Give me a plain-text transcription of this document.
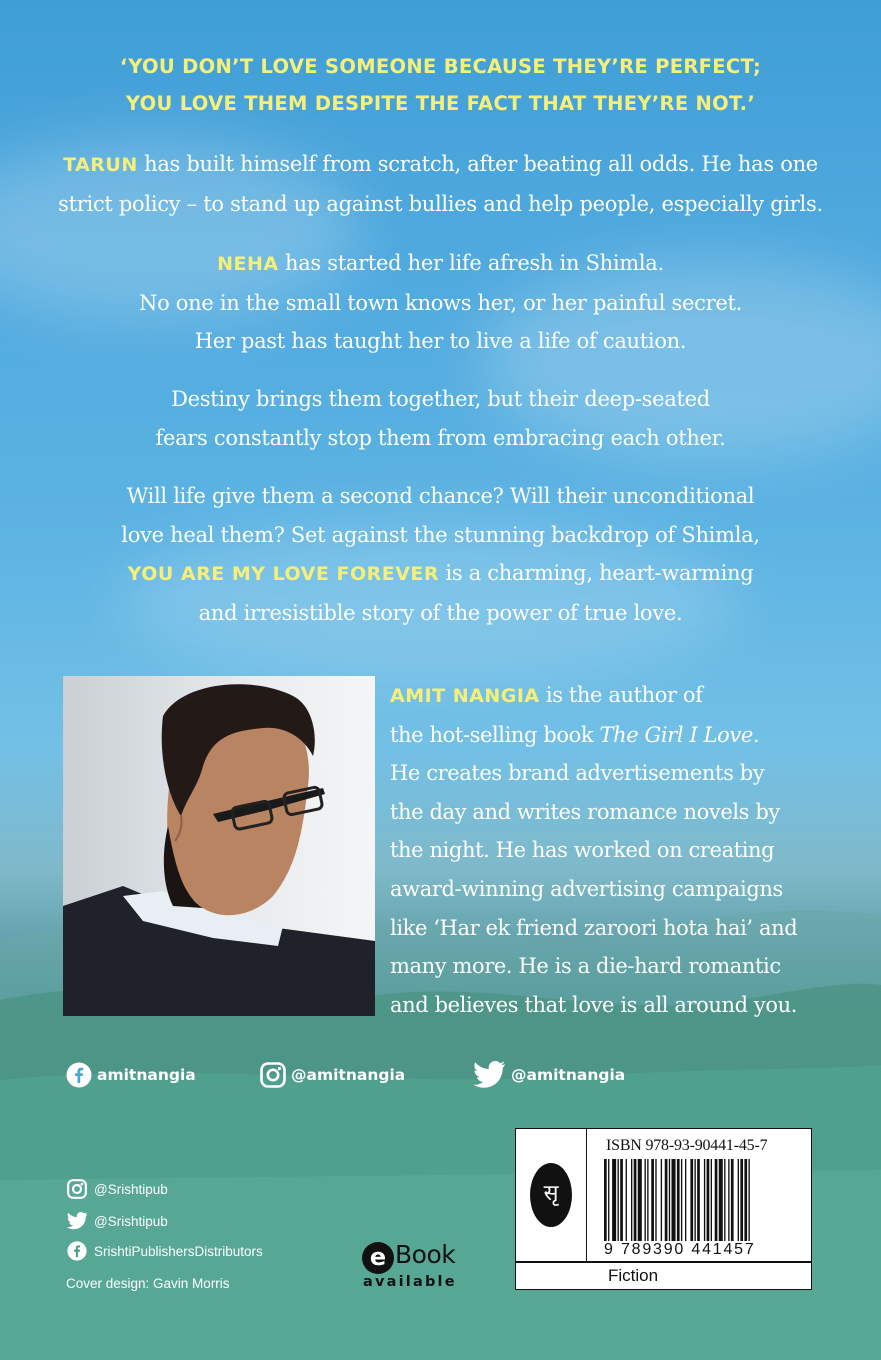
‘YOU DON’T LOVE SOMEONE BECAUSE THEY’RE PERFECT;
YOU LOVE THEM DESPITE THE FACT THAT THEY’RE NOT.’
TARUN has built himself from scratch, after beating all odds. He has one
strict policy – to stand up against bullies and help people, especially girls.
NEHA has started her life afresh in Shimla.
No one in the small town knows her, or her painful secret.
Her past has taught her to live a life of caution.
Destiny brings them together, but their deep-seated
fears constantly stop them from embracing each other.
Will life give them a second chance? Will their unconditional
love heal them? Set against the stunning backdrop of Shimla,
YOU ARE MY LOVE FOREVER is a charming, heart-warming
and irresistible story of the power of true love.
AMIT NANGIA is the author of
the hot-selling book The Girl I Love.
He creates brand advertisements by
the day and writes romance novels by
the night. He has worked on creating
award-winning advertising campaigns
like ‘Har ek friend zaroori hota hai’ and
many more. He is a die-hard romantic
and believes that love is all around you.
amitnangia	@amitnangia	@amitnangia
@Srishtipub
@Srishtipub
SrishtiPublishersDistributors
Cover design: Gavin Morris
e Book
available
सृ
ISBN 978-93-90441-45-7
9 789390 441457
Fiction
